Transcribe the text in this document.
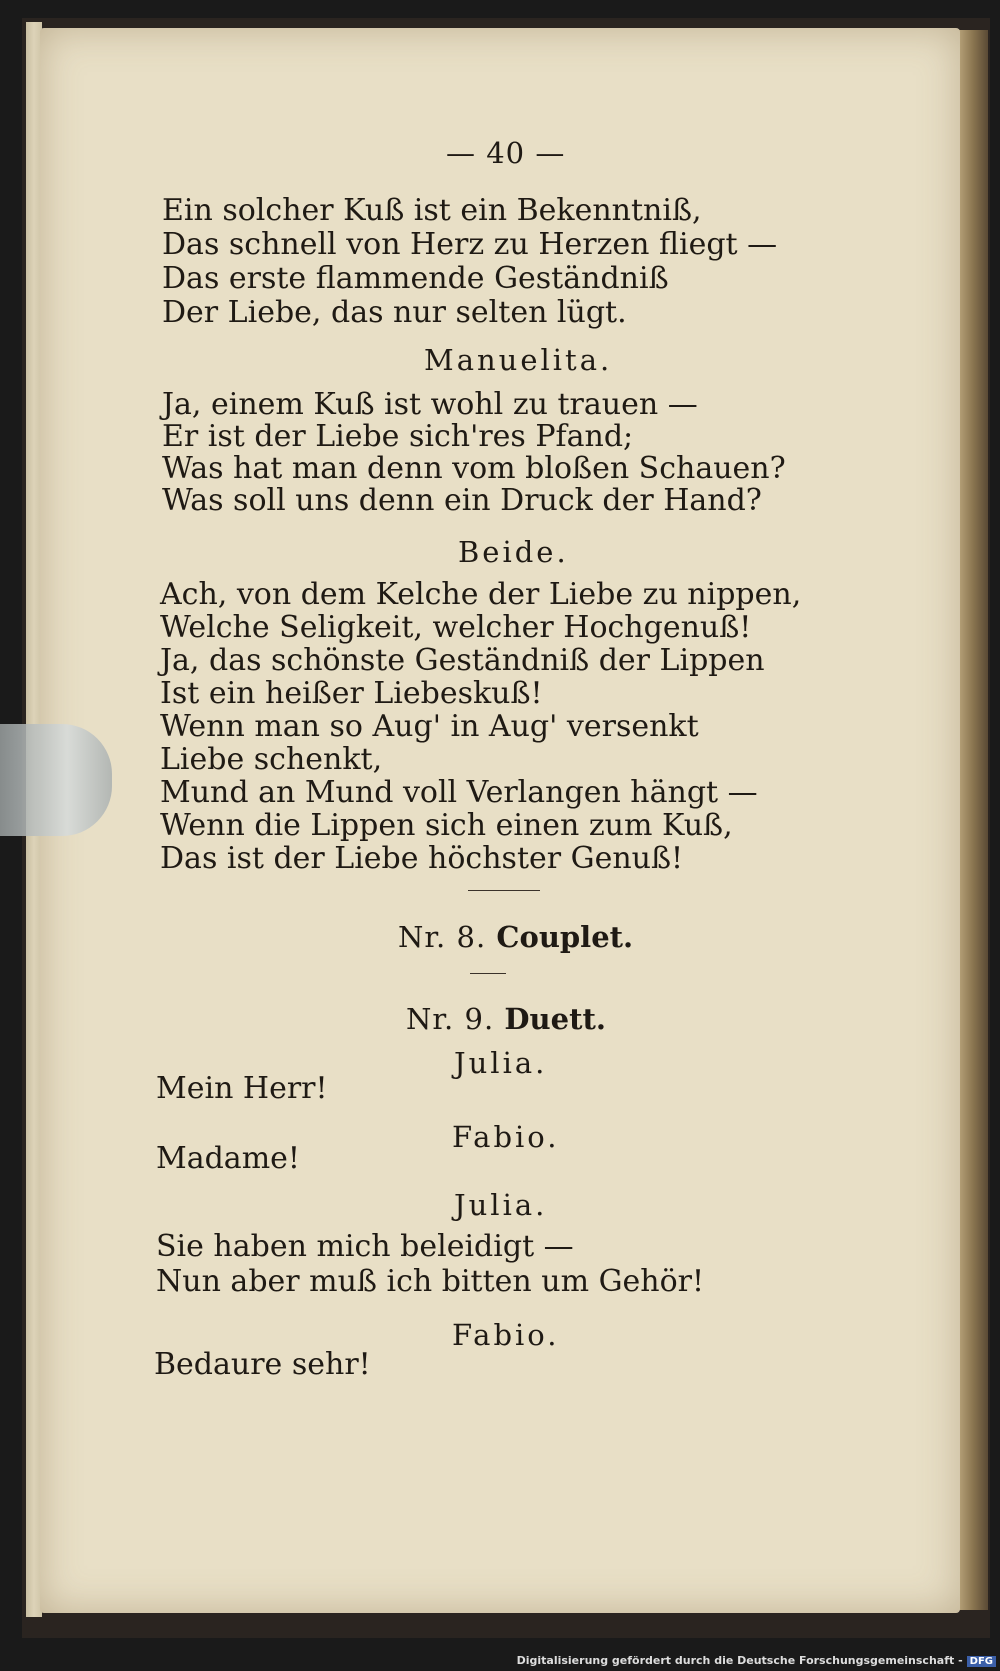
— 40 —
Ein solcher Kuß ist ein Bekenntniß,
Das schnell von Herz zu Herzen fliegt —
Das erste flammende Geständniß
Der Liebe, das nur selten lügt.
Manuelita.
Ja, einem Kuß ist wohl zu trauen —
Er ist der Liebe sich'res Pfand;
Was hat man denn vom bloßen Schauen?
Was soll uns denn ein Druck der Hand?
Beide.
Ach, von dem Kelche der Liebe zu nippen,
Welche Seligkeit, welcher Hochgenuß!
Ja, das schönste Geständniß der Lippen
Ist ein heißer Liebeskuß!
Wenn man so Aug' in Aug' versenkt
Liebe schenkt,
Mund an Mund voll Verlangen hängt —
Wenn die Lippen sich einen zum Kuß,
Das ist der Liebe höchster Genuß!
Nr. 8. Couplet.
Nr. 9. Duett.
Julia.
Mein Herr!
Fabio.
Madame!
Julia.
Sie haben mich beleidigt —
Nun aber muß ich bitten um Gehör!
Fabio.
Bedaure sehr!
Digitalisierung gefördert durch die Deutsche Forschungsgemeinschaft - DFG
